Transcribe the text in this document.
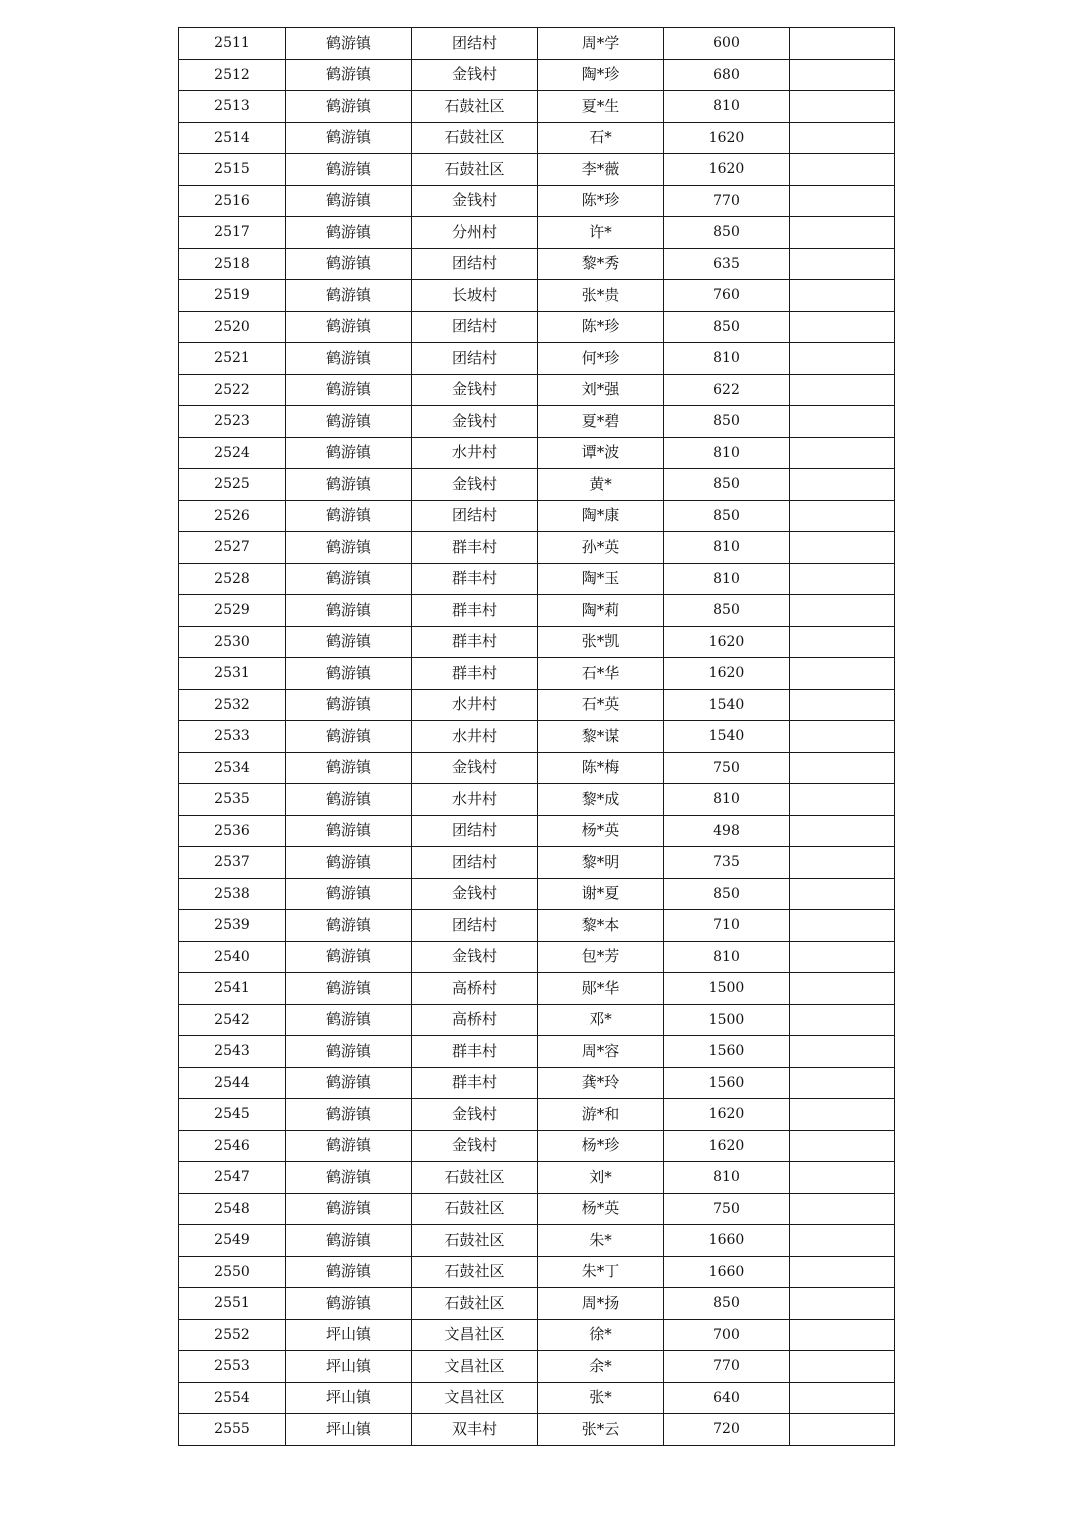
2511	鹤游镇	团结村	周*学	600	
2512	鹤游镇	金钱村	陶*珍	680	
2513	鹤游镇	石鼓社区	夏*生	810	
2514	鹤游镇	石鼓社区	石*	1620	
2515	鹤游镇	石鼓社区	李*薇	1620	
2516	鹤游镇	金钱村	陈*珍	770	
2517	鹤游镇	分州村	许*	850	
2518	鹤游镇	团结村	黎*秀	635	
2519	鹤游镇	长坡村	张*贵	760	
2520	鹤游镇	团结村	陈*珍	850	
2521	鹤游镇	团结村	何*珍	810	
2522	鹤游镇	金钱村	刘*强	622	
2523	鹤游镇	金钱村	夏*碧	850	
2524	鹤游镇	水井村	谭*波	810	
2525	鹤游镇	金钱村	黄*	850	
2526	鹤游镇	团结村	陶*康	850	
2527	鹤游镇	群丰村	孙*英	810	
2528	鹤游镇	群丰村	陶*玉	810	
2529	鹤游镇	群丰村	陶*莉	850	
2530	鹤游镇	群丰村	张*凯	1620	
2531	鹤游镇	群丰村	石*华	1620	
2532	鹤游镇	水井村	石*英	1540	
2533	鹤游镇	水井村	黎*谋	1540	
2534	鹤游镇	金钱村	陈*梅	750	
2535	鹤游镇	水井村	黎*成	810	
2536	鹤游镇	团结村	杨*英	498	
2537	鹤游镇	团结村	黎*明	735	
2538	鹤游镇	金钱村	谢*夏	850	
2539	鹤游镇	团结村	黎*本	710	
2540	鹤游镇	金钱村	包*芳	810	
2541	鹤游镇	高桥村	郧*华	1500	
2542	鹤游镇	高桥村	邓*	1500	
2543	鹤游镇	群丰村	周*容	1560	
2544	鹤游镇	群丰村	龚*玲	1560	
2545	鹤游镇	金钱村	游*和	1620	
2546	鹤游镇	金钱村	杨*珍	1620	
2547	鹤游镇	石鼓社区	刘*	810	
2548	鹤游镇	石鼓社区	杨*英	750	
2549	鹤游镇	石鼓社区	朱*	1660	
2550	鹤游镇	石鼓社区	朱*丁	1660	
2551	鹤游镇	石鼓社区	周*扬	850	
2552	坪山镇	文昌社区	徐*	700	
2553	坪山镇	文昌社区	余*	770	
2554	坪山镇	文昌社区	张*	640	
2555	坪山镇	双丰村	张*云	720	
